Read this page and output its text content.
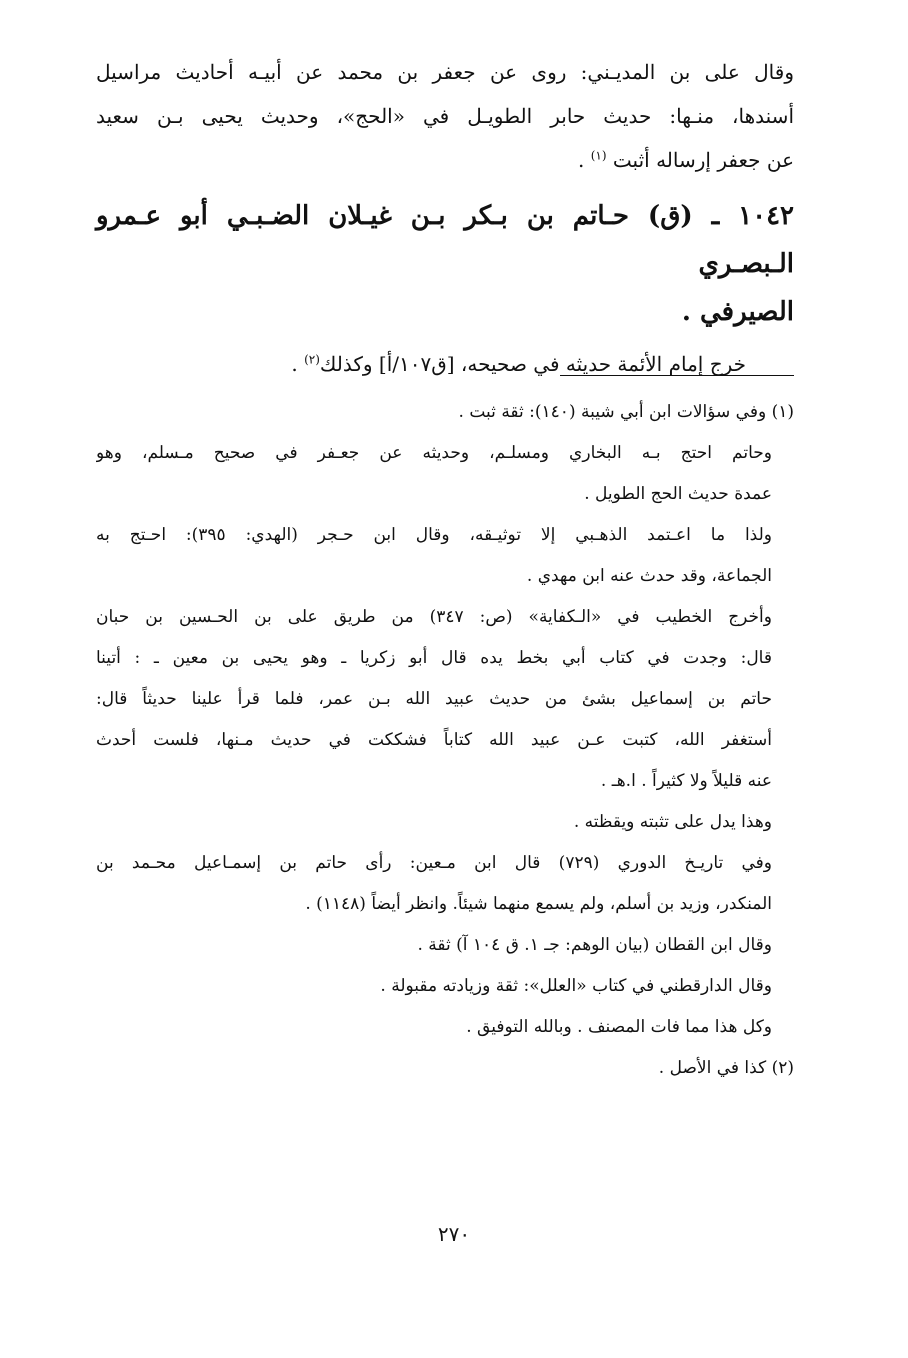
وقال على بن المديـني: روى عن جعفر بن محمد عن أبيـه أحاديث مراسيل
أسندها، منـها: حديث حابر الطويـل في «الحج»، وحديث يحيى بـن سعيد
عن جعفر إرساله أثبت $^{(١)}$ .

١٠٤٢ ـ (ق) حـاتم بن بـكر بـن غيـلان الضـبـي أبو عـمرو الـبصـري
الصيرفي .

خرج إمام الأئمة حديثه في صحيحه، [ق١٠٧/أ] وكذلك$^{(٢)}$ .

(١) وفي سؤالات ابن أبي شيبة (١٤٠): ثقة ثبت .
وحاتم احتج بـه البخاري ومسلـم، وحديثه عن جعـفر في صحيح مـسلم، وهو
عمدة حديث الحج الطويل .
ولذا ما اعـتمد الذهـبي إلا توثيـقه، وقال ابن حـجر (الهدي: ٣٩٥): احـتج به
الجماعة، وقد حدث عنه ابن مهدي .
وأخرج الخطيب في «الـكفاية» (ص: ٣٤٧) من طريق على بن الحـسين بن حبان
قال: وجدت في كتاب أبي بخط يده قال أبو زكريا ـ وهو يحيى بن معين ـ : أتينا
حاتم بن إسماعيل بشئ من حديث عبيد الله بـن عمر، فلما قرأ علينا حديثاً قال:
أستغفر الله، كتبت عـن عبيد الله كتاباً فشككت في حديث مـنها، فلست أحدث
عنه قليلاً ولا كثيراً . ا.هـ .
وهذا يدل على تثبته ويقظته .
وفي تاريـخ الدوري (٧٢٩) قال ابن مـعين: رأى حاتم بن إسمـاعيل محـمد بن
المنكدر، وزيد بن أسلم، ولم يسمع منهما شيئاً. وانظر أيضاً (١١٤٨) .
وقال ابن القطان (بيان الوهم: جـ ١. ق ١٠٤ آ) ثقة .
وقال الدارقطني في كتاب «العلل»: ثقة وزيادته مقبولة .
وكل هذا مما فات المصنف . وبالله التوفيق .
(٢) كذا في الأصل .
٢٧٠
